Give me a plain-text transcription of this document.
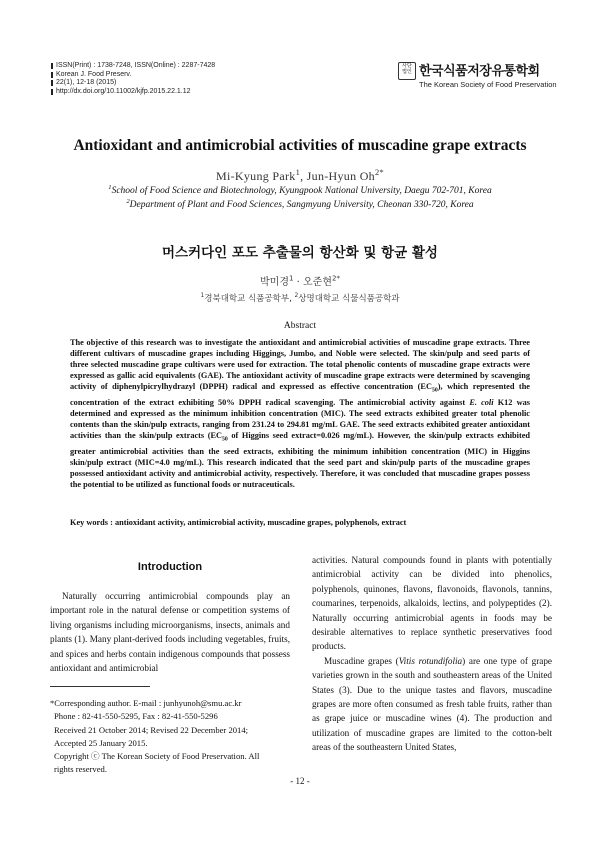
ISSN(Print) : 1738-7248, ISSN(Online) : 2287-7428
Korean J. Food Preserv.
22(1), 12-18 (2015)
http://dx.doi.org/10.11002/kjfp.2015.22.1.12
사단 법인 한국식품저장유통학회
The Korean Society of Food Preservation
Antioxidant and antimicrobial activities of muscadine grape extracts
Mi-Kyung Park$^1$, Jun-Hyun $Oh^{2*}$
$^1$School of Food Science and Biotechnology, Kyungpook National University, Daegu 702-701, Korea
$^2$Department of Plant and Food Sciences, Sangmyung University, Cheonan 330-720, Korea
머스커다인 포도 추출물의 항산화 및 항균 활성
박미경$^1$ · 오준현$^{2*}$
$^1$경북대학교 식품공학부, $^2$상명대학교 식물식품공학과
Abstract
The objective of this research was to investigate the antioxidant and antimicrobial activities of muscadine grape extracts. Three different cultivars of muscadine grapes including Higgings, Jumbo, and Noble were selected. The skin/pulp and seed parts of three selected muscadine grape cultivars were used for extraction. The total phenolic contents of muscadine grape extracts were expressed as gallic acid equivalents (GAE). The antioxidant activity of muscadine grape extracts were determined by scavenging activity of diphenylpicrylhydrazyl (DPPH) radical and expressed as effective concentration $(EC_{50})$, which represented the concentration of the extract exhibiting 50% DPPH radical scavenging. The antimicrobial activity against E. coli K12 was determined and expressed as the minimum inhibition concentration (MIC). The seed extracts exhibited greater total phenolic contents than the skin/pulp extracts, ranging from 231.24 to 294.81 mg/mL GAE. The seed extracts exhibited greater antioxidant activities than the skin/pulp extracts ($EC_{50}$ of Higgins seed extract=0.026 mg/mL). However, the skin/pulp extracts exhibited greater antimicrobial activities than the seed extracts, exhibiting the minimum inhibition concentration (MIC) in Higgins skin/pulp extract (MIC=4.0 mg/mL). This research indicated that the seed part and skin/pulp parts of the muscadine grapes possessed antioxidant activity and antimicrobial activity, respectively. Therefore, it was concluded that muscadine grapes possess the potential to be utilized as functional foods or nutraceuticals.
Key words : antioxidant activity, antimicrobial activity, muscadine grapes, polyphenols, extract
Introduction

Naturally occurring antimicrobial compounds play an important role in the natural defense or competition systems of living organisms including microorganisms, insects, animals and plants (1). Many plant-derived foods including vegetables, fruits, and spices and herbs contain indigenous compounds that possess antioxidant and antimicrobial

activities. Natural compounds found in plants with potentially antimicrobial activity can be divided into phenolics, polyphenols, quinones, flavons, flavonoids, flavonols, tannins, coumarines, terpenoids, alkaloids, lectins, and polypeptides (2). Naturally occurring antimicrobial agents in foods may be desirable alternatives to replace synthetic preservatives food products.

Muscadine grapes (Vitis rotundifolia) are one type of grape varieties grown in the south and southeastern areas of the United States (3). Due to the unique tastes and flavors, muscadine grapes are more often consumed as fresh table fruits, rather than as grape juice or muscadine wines (4). The production and utilization of muscadine grapes are limited to the cotton-belt areas of the southeastern United States,

*Corresponding author. E-mail : junhyunoh@smu.ac.kr
Phone : 82-41-550-5295, Fax : 82-41-550-5296
Received 21 October 2014; Revised 22 December 2014;
Accepted 25 January 2015.
Copyright ⓒ The Korean Society of Food Preservation. All
rights reserved.
- 12 -
